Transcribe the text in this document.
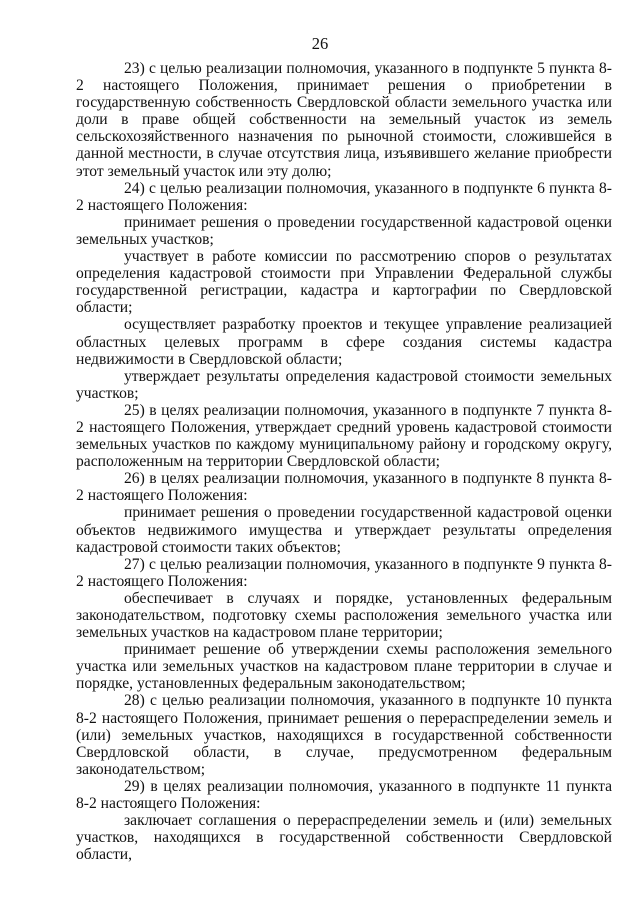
26

23) с целью реализации полномочия, указанного в подпункте 5 пункта 8-2 настоящего Положения, принимает решения о приобретении в государственную собственность Свердловской области земельного участка или доли в праве общей собственности на земельный участок из земель сельскохозяйственного назначения по рыночной стоимости, сложившейся в данной местности, в случае отсутствия лица, изъявившего желание приобрести этот земельный участок или эту долю;

24) с целью реализации полномочия, указанного в подпункте 6 пункта 8-2 настоящего Положения:

принимает решения о проведении государственной кадастровой оценки земельных участков;

участвует в работе комиссии по рассмотрению споров о результатах определения кадастровой стоимости при Управлении Федеральной службы государственной регистрации, кадастра и картографии по Свердловской области;

осуществляет разработку проектов и текущее управление реализацией областных целевых программ в сфере создания системы кадастра недвижимости в Свердловской области;

утверждает результаты определения кадастровой стоимости земельных участков;

25) в целях реализации полномочия, указанного в подпункте 7 пункта 8-2 настоящего Положения, утверждает средний уровень кадастровой стоимости земельных участков по каждому муниципальному району и городскому округу, расположенным на территории Свердловской области;

26) в целях реализации полномочия, указанного в подпункте 8 пункта 8-2 настоящего Положения:

принимает решения о проведении государственной кадастровой оценки объектов недвижимого имущества и утверждает результаты определения кадастровой стоимости таких объектов;

27) с целью реализации полномочия, указанного в подпункте 9 пункта 8-2 настоящего Положения:

обеспечивает в случаях и порядке, установленных федеральным законодательством, подготовку схемы расположения земельного участка или земельных участков на кадастровом плане территории;

принимает решение об утверждении схемы расположения земельного участка или земельных участков на кадастровом плане территории в случае и порядке, установленных федеральным законодательством;

28) с целью реализации полномочия, указанного в подпункте 10 пункта 8-2 настоящего Положения, принимает решения о перераспределении земель и (или) земельных участков, находящихся в государственной собственности Свердловской области, в случае, предусмотренном федеральным законодательством;

29) в целях реализации полномочия, указанного в подпункте 11 пункта 8-2 настоящего Положения:

заключает соглашения о перераспределении земель и (или) земельных участков, находящихся в государственной собственности Свердловской области,
